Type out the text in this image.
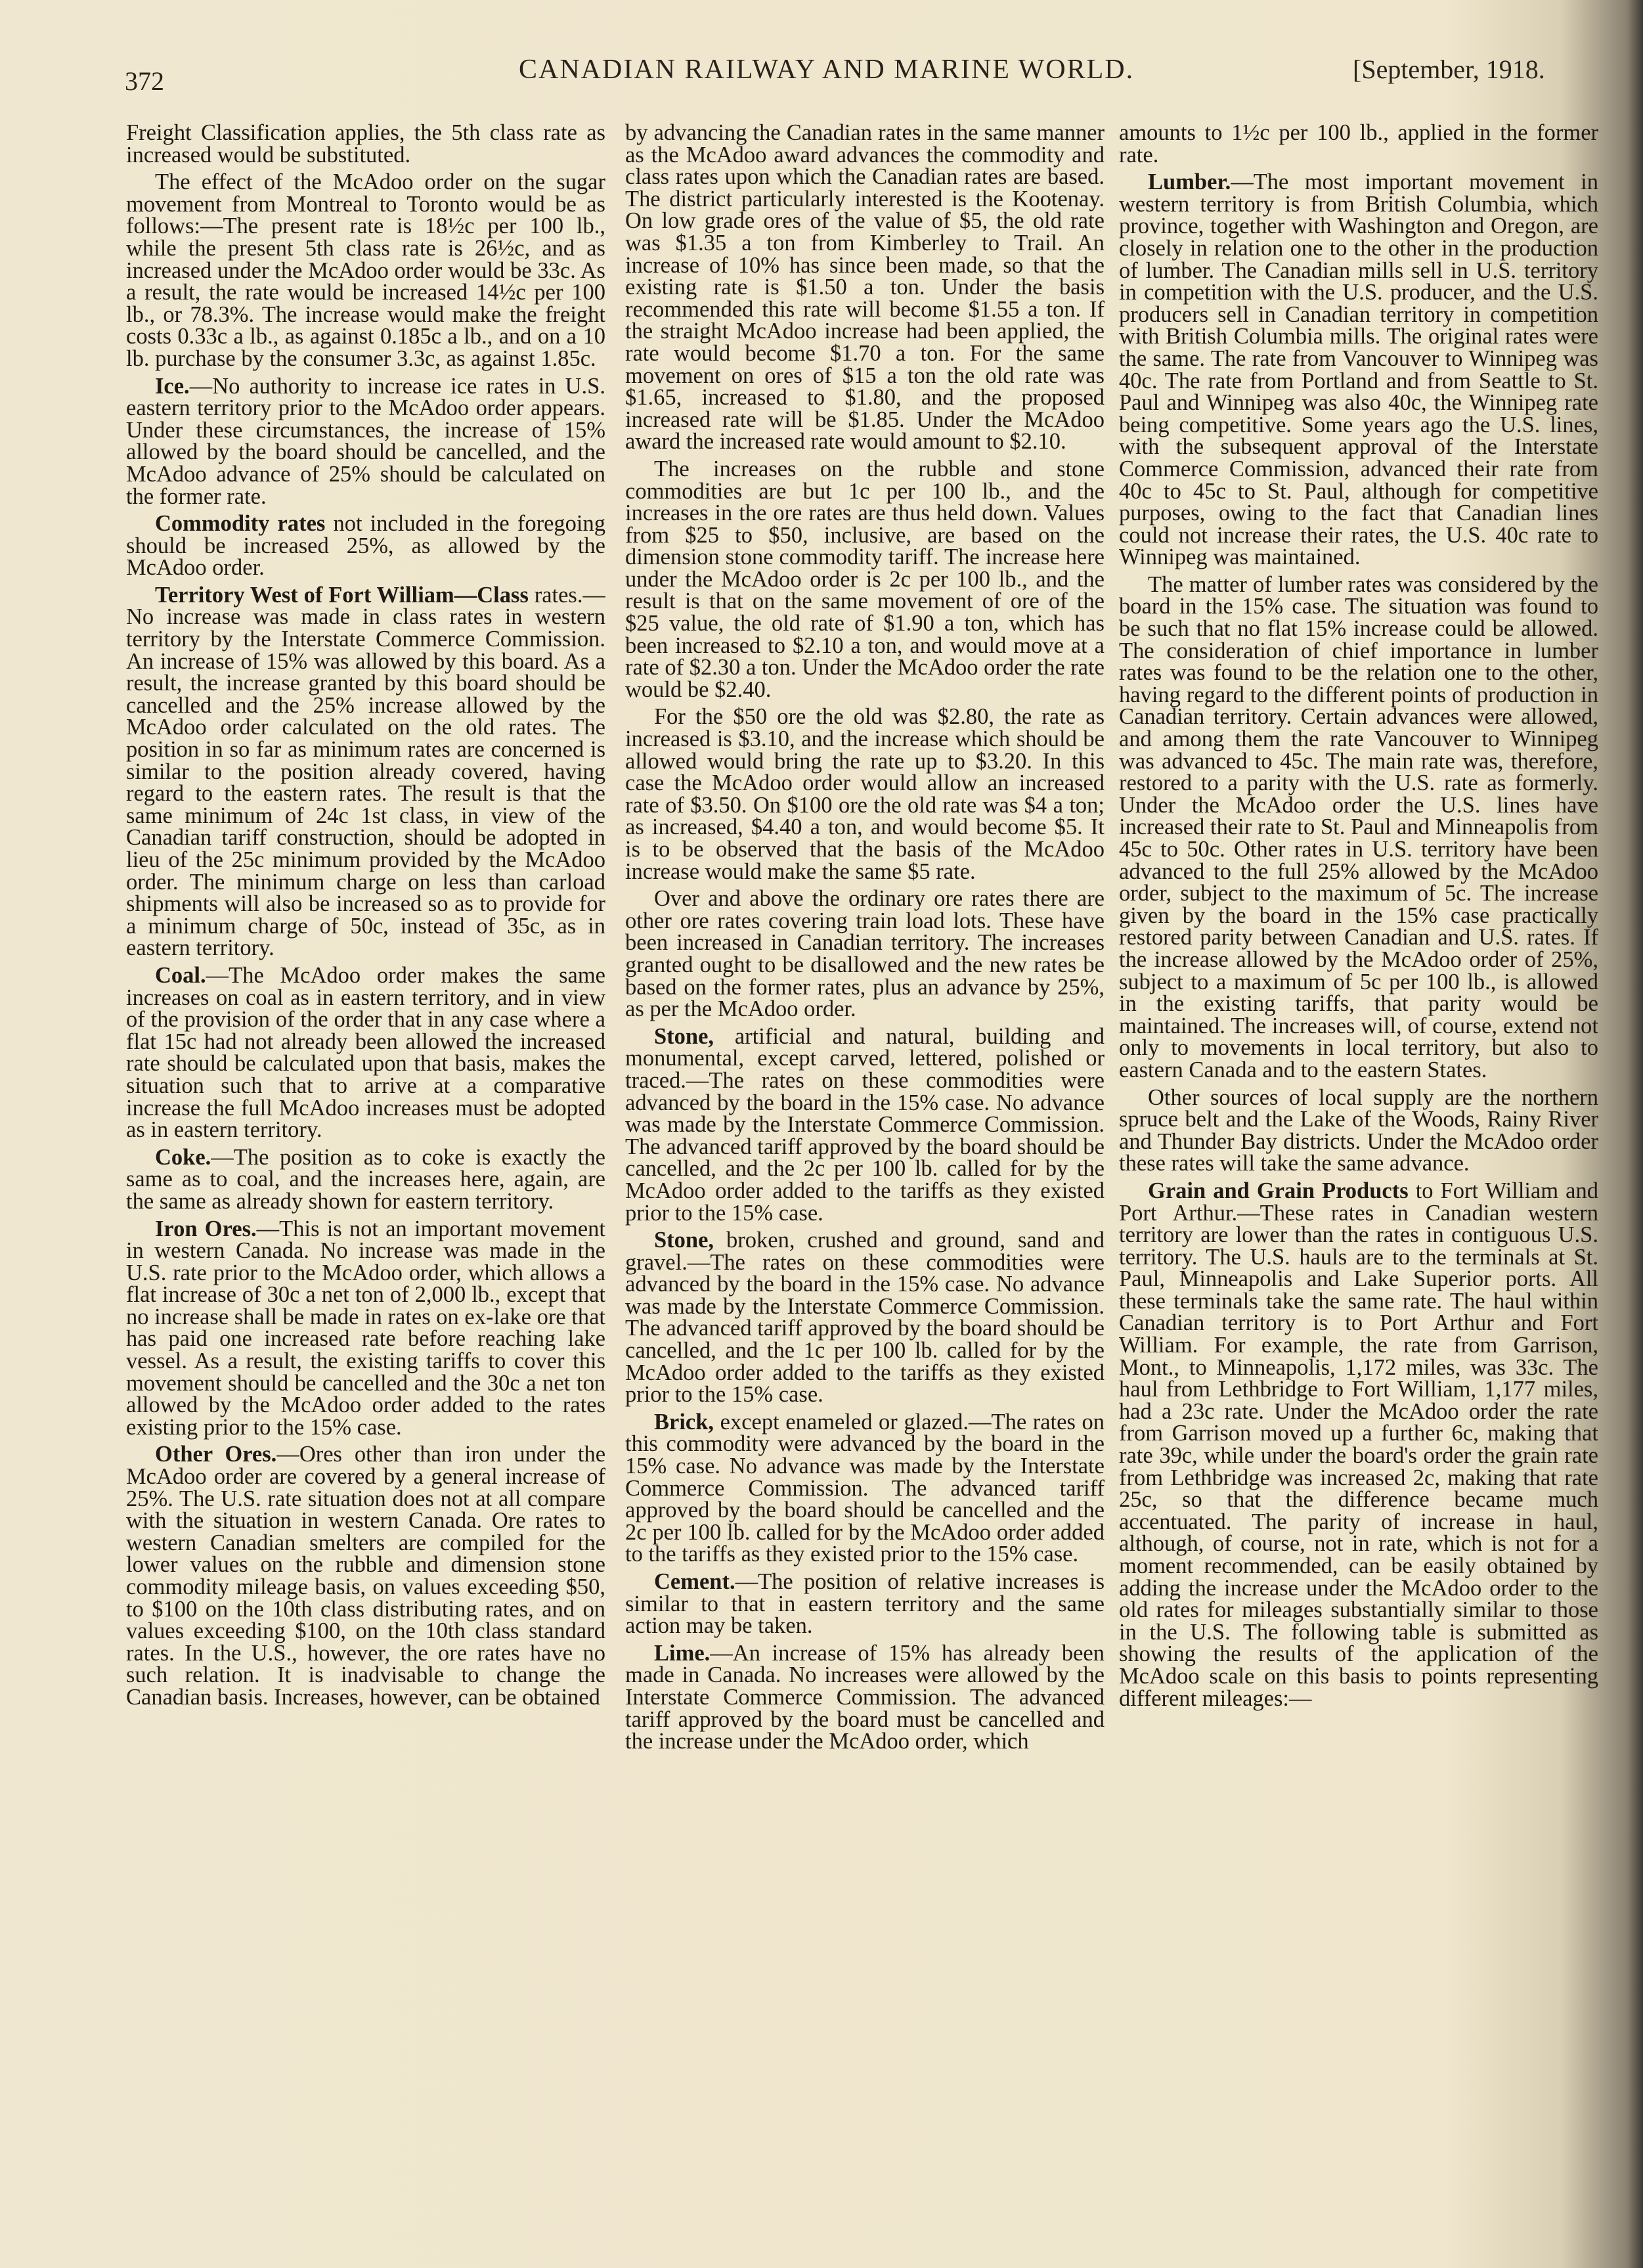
372	CANADIAN RAILWAY AND MARINE WORLD.	[September, 1918.

Freight Classification applies, the 5th class rate as increased would be substituted.

The effect of the McAdoo order on the sugar movement from Montreal to Toronto would be as follows:—The present rate is 18½c per 100 lb., while the present 5th class rate is 26½c, and as increased under the McAdoo order would be 33c. As a result, the rate would be increased 14½c per 100 lb., or 78.3%. The increase would make the freight costs 0.33c a lb., as against 0.185c a lb., and on a 10 lb. purchase by the consumer 3.3c, as against 1.85c.

Ice.—No authority to increase ice rates in U.S. eastern territory prior to the McAdoo order appears. Under these circumstances, the increase of 15% allowed by the board should be cancelled, and the McAdoo advance of 25% should be calculated on the former rate.

Commodity rates not included in the foregoing should be increased 25%, as allowed by the McAdoo order.

Territory West of Fort William—Class rates.—No increase was made in class rates in western territory by the Interstate Commerce Commission. An increase of 15% was allowed by this board. As a result, the increase granted by this board should be cancelled and the 25% increase allowed by the McAdoo order calculated on the old rates. The position in so far as minimum rates are concerned is similar to the position already covered, having regard to the eastern rates. The result is that the same minimum of 24c 1st class, in view of the Canadian tariff construction, should be adopted in lieu of the 25c minimum provided by the McAdoo order. The minimum charge on less than carload shipments will also be increased so as to provide for a minimum charge of 50c, instead of 35c, as in eastern territory.

Coal.—The McAdoo order makes the same increases on coal as in eastern territory, and in view of the provision of the order that in any case where a flat 15c had not already been allowed the increased rate should be calculated upon that basis, makes the situation such that to arrive at a comparative increase the full McAdoo increases must be adopted as in eastern territory.

Coke.—The position as to coke is exactly the same as to coal, and the increases here, again, are the same as already shown for eastern territory.

Iron Ores.—This is not an important movement in western Canada. No increase was made in the U.S. rate prior to the McAdoo order, which allows a flat increase of 30c a net ton of 2,000 lb., except that no increase shall be made in rates on ex-lake ore that has paid one increased rate before reaching lake vessel. As a result, the existing tariffs to cover this movement should be cancelled and the 30c a net ton allowed by the McAdoo order added to the rates existing prior to the 15% case.

Other Ores.—Ores other than iron under the McAdoo order are covered by a general increase of 25%. The U.S. rate situation does not at all compare with the situation in western Canada. Ore rates to western Canadian smelters are compiled for the lower values on the rubble and dimension stone commodity mileage basis, on values exceeding $50, to $100 on the 10th class distributing rates, and on values exceeding $100, on the 10th class standard rates. In the U.S., however, the ore rates have no such relation. It is inadvisable to change the Canadian basis. Increases, however, can be obtained

by advancing the Canadian rates in the same manner as the McAdoo award advances the commodity and class rates upon which the Canadian rates are based. The district particularly interested is the Kootenay. On low grade ores of the value of $5, the old rate was $1.35 a ton from Kimberley to Trail. An increase of 10% has since been made, so that the existing rate is $1.50 a ton. Under the basis recommended this rate will become $1.55 a ton. If the straight McAdoo increase had been applied, the rate would become $1.70 a ton. For the same movement on ores of $15 a ton the old rate was $1.65, increased to $1.80, and the proposed increased rate will be $1.85. Under the McAdoo award the increased rate would amount to $2.10.

The increases on the rubble and stone commodities are but 1c per 100 lb., and the increases in the ore rates are thus held down. Values from $25 to $50, inclusive, are based on the dimension stone commodity tariff. The increase here under the McAdoo order is 2c per 100 lb., and the result is that on the same movement of ore of the $25 value, the old rate of $1.90 a ton, which has been increased to $2.10 a ton, and would move at a rate of $2.30 a ton. Under the McAdoo order the rate would be $2.40.

For the $50 ore the old was $2.80, the rate as increased is $3.10, and the increase which should be allowed would bring the rate up to $3.20. In this case the McAdoo order would allow an increased rate of $3.50. On $100 ore the old rate was $4 a ton; as increased, $4.40 a ton, and would become $5. It is to be observed that the basis of the McAdoo increase would make the same $5 rate.

Over and above the ordinary ore rates there are other ore rates covering train load lots. These have been increased in Canadian territory. The increases granted ought to be disallowed and the new rates be based on the former rates, plus an advance by 25%, as per the McAdoo order.

Stone, artificial and natural, building and monumental, except carved, lettered, polished or traced.—The rates on these commodities were advanced by the board in the 15% case. No advance was made by the Interstate Commerce Commission. The advanced tariff approved by the board should be cancelled, and the 2c per 100 lb. called for by the McAdoo order added to the tariffs as they existed prior to the 15% case.

Stone, broken, crushed and ground, sand and gravel.—The rates on these commodities were advanced by the board in the 15% case. No advance was made by the Interstate Commerce Commission. The advanced tariff approved by the board should be cancelled, and the 1c per 100 lb. called for by the McAdoo order added to the tariffs as they existed prior to the 15% case.

Brick, except enameled or glazed.—The rates on this commodity were advanced by the board in the 15% case. No advance was made by the Interstate Commerce Commission. The advanced tariff approved by the board should be cancelled and the 2c per 100 lb. called for by the McAdoo order added to the tariffs as they existed prior to the 15% case.

Cement.—The position of relative increases is similar to that in eastern territory and the same action may be taken.

Lime.—An increase of 15% has already been made in Canada. No increases were allowed by the Interstate Commerce Commission. The advanced tariff approved by the board must be cancelled and the increase under the McAdoo order, which

amounts to 1½c per 100 lb., applied in the former rate.

Lumber.—The most important movement in western territory is from British Columbia, which province, together with Washington and Oregon, are closely in relation one to the other in the production of lumber. The Canadian mills sell in U.S. territory in competition with the U.S. producer, and the U.S. producers sell in Canadian territory in competition with British Columbia mills. The original rates were the same. The rate from Vancouver to Winnipeg was 40c. The rate from Portland and from Seattle to St. Paul and Winnipeg was also 40c, the Winnipeg rate being competitive. Some years ago the U.S. lines, with the subsequent approval of the Interstate Commerce Commission, advanced their rate from 40c to 45c to St. Paul, although for competitive purposes, owing to the fact that Canadian lines could not increase their rates, the U.S. 40c rate to Winnipeg was maintained.

The matter of lumber rates was considered by the board in the 15% case. The situation was found to be such that no flat 15% increase could be allowed. The consideration of chief importance in lumber rates was found to be the relation one to the other, having regard to the different points of production in Canadian territory. Certain advances were allowed, and among them the rate Vancouver to Winnipeg was advanced to 45c. The main rate was, therefore, restored to a parity with the U.S. rate as formerly. Under the McAdoo order the U.S. lines have increased their rate to St. Paul and Minneapolis from 45c to 50c. Other rates in U.S. territory have been advanced to the full 25% allowed by the McAdoo order, subject to the maximum of 5c. The increase given by the board in the 15% case practically restored parity between Canadian and U.S. rates. If the increase allowed by the McAdoo order of 25%, subject to a maximum of 5c per 100 lb., is allowed in the existing tariffs, that parity would be maintained. The increases will, of course, extend not only to movements in local territory, but also to eastern Canada and to the eastern States.

Other sources of local supply are the northern spruce belt and the Lake of the Woods, Rainy River and Thunder Bay districts. Under the McAdoo order these rates will take the same advance.

Grain and Grain Products to Fort William and Port Arthur.—These rates in Canadian western territory are lower than the rates in contiguous U.S. territory. The U.S. hauls are to the terminals at St. Paul, Minneapolis and Lake Superior ports. All these terminals take the same rate. The haul within Canadian territory is to Port Arthur and Fort William. For example, the rate from Garrison, Mont., to Minneapolis, 1,172 miles, was 33c. The haul from Lethbridge to Fort William, 1,177 miles, had a 23c rate. Under the McAdoo order the rate from Garrison moved up a further 6c, making that rate 39c, while under the board's order the grain rate from Lethbridge was increased 2c, making that rate 25c, so that the difference became much accentuated. The parity of increase in haul, although, of course, not in rate, which is not for a moment recommended, can be easily obtained by adding the increase under the McAdoo order to the old rates for mileages substantially similar to those in the U.S. The following table is submitted as showing the results of the application of the McAdoo scale on this basis to points representing different mileages:—
